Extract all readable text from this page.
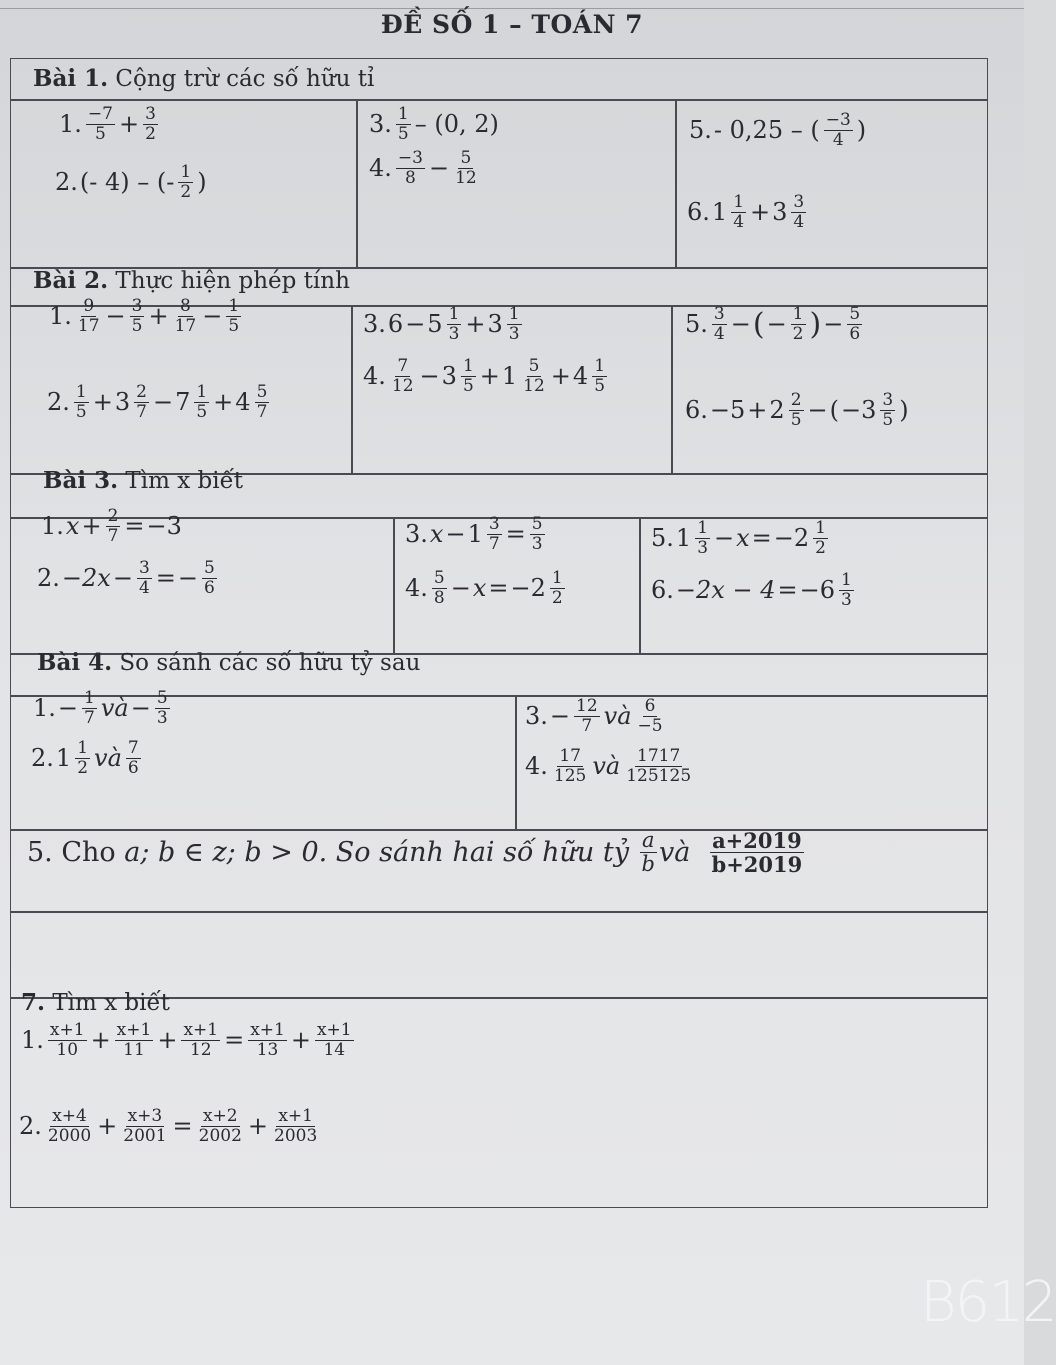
ĐỀ SỐ 1 – TOÁN 7
Bài 1. Cộng trừ các số hữu tỉ
Bài 2. Thực hiện phép tính
Bài 3. Tìm x biết
Bài 4. So sánh các số hữu tỷ sau
7. Tìm x biết
1. $\frac{-7}{5} + \frac{3}{2}$
2. (- 4) – (- $\frac{1}{2}$ )
3. $\frac{1}{5} - (0$, 2)
4. $\frac{-3}{8} - \frac{5}{12}$
5. - 0,25 – ( $\frac{-3}{4}$ )
6. $1 \frac{1}{4} + 3 \frac{3}{4}$
1. $\frac{9}{17} - \frac{3}{5} + \frac{8}{17} - \frac{1}{5}$
2. $\frac{1}{5} + 3 \frac{2}{7} - 7 \frac{1}{5} + 4 \frac{5}{7}$
3. $6 - 5 \frac{1}{3} + 3 \frac{1}{3}$
4. $\frac{7}{12} - 3 \frac{1}{5} + 1 \frac{5}{12} + 4 \frac{1}{5}$
5. $\frac{3}{4}$ − ( − $\frac{1}{2}$ ) − $\frac{5}{6}$
6. $-5 + 2 \frac{2}{5}$ − ( $-3 \frac{3}{5}$ )
1. $x + \frac{2}{7} = -3$
2. $-2x - \frac{3}{4}$ = − $\frac{5}{6}$
3. $x - 1 \frac{3}{7} = \frac{5}{3}$
4. $\frac{5}{8} - x = -2 \frac{1}{2}$
5. $1 \frac{1}{3} - x = -2 \frac{1}{2}$
6. $-2x - 4 = -6 \frac{1}{3}$
1. − $\frac{1}{7}$ và − $\frac{5}{3}$
2. $1 \frac{1}{2}$ và $\frac{7}{6}$
3. − $\frac{12}{7}$ và $\frac{6}{-5}$
4. $\frac{17}{125}$ và $\frac{1717}{125125}$
5. Cho
a; b ∈ z; b > 0. So sánh hai số hữu tỷ
$\frac{a}{b}$ và
$\frac{a+2019}{b+2019}$
1. $\frac{x+1}{10} + \frac{x+1}{11} + \frac{x+1}{12} = \frac{x+1}{13} + \frac{x+1}{14}$
2. $\frac{x+4}{2000} + \frac{x+3}{2001} = \frac{x+2}{2002} + \frac{x+1}{2003}$
B612
